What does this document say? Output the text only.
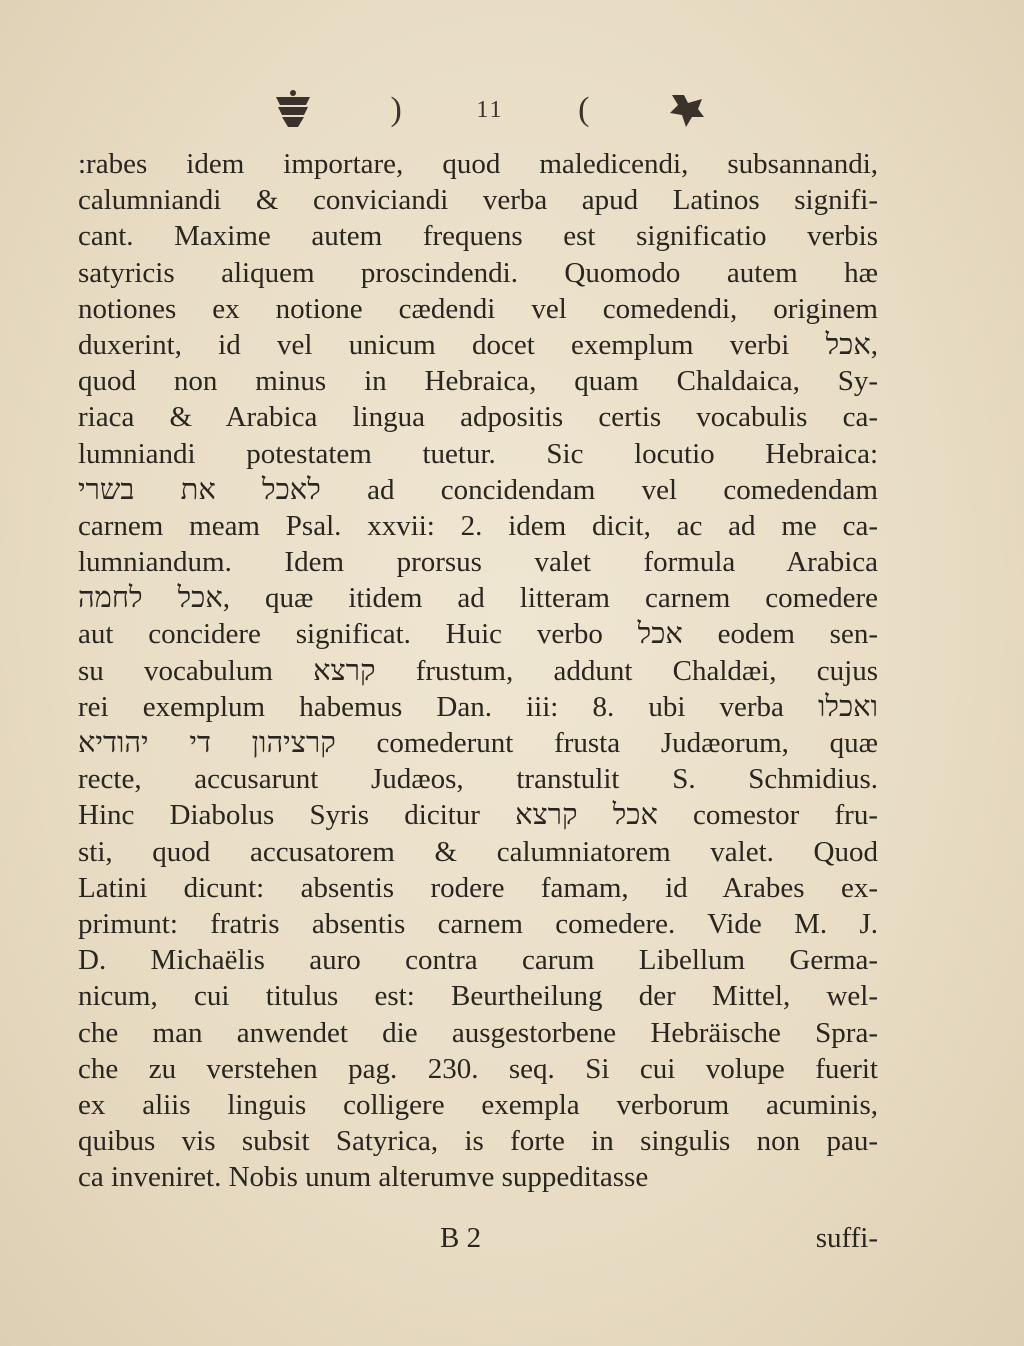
)	11 (
:rabes idem importare, quod maledicendi, subsannandi,
calumniandi & conviciandi verba apud Latinos signifi-
cant. Maxime autem frequens est significatio verbis
satyricis aliquem proscindendi. Quomodo autem hæ
notiones ex notione cædendi vel comedendi, originem
duxerint, id vel unicum docet exemplum verbi אכל,
quod non minus in Hebraica, quam Chaldaica, Sy-
riaca & Arabica lingua adpositis certis vocabulis ca-
lumniandi potestatem tuetur. Sic locutio Hebraica:
לאכל את בשרי ad concidendam vel comedendam
carnem meam Psal. xxvii: 2. idem dicit, ac ad me ca-
lumniandum. Idem prorsus valet formula Arabica
אכל לחמה, quæ itidem ad litteram carnem comedere
aut concidere significat. Huic verbo אכל eodem sen-
su vocabulum קרצא frustum, addunt Chaldæi, cujus
rei exemplum habemus Dan. iii: 8. ubi verba ואכלו
קרציהון די יהודיא comederunt frusta Judæorum, quæ
recte, accusarunt Judæos, transtulit S. Schmidius.
Hinc Diabolus Syris dicitur אכל קרצא comestor fru-
sti, quod accusatorem & calumniatorem valet. Quod
Latini dicunt: absentis rodere famam, id Arabes ex-
primunt: fratris absentis carnem comedere. Vide M. J.
D. Michaëlis auro contra carum Libellum Germa-
nicum, cui titulus est: Beurtheilung der Mittel, wel-
che man anwendet die ausgestorbene Hebräische Spra-
che zu verstehen pag. 230. seq. Si cui volupe fuerit
ex aliis linguis colligere exempla verborum acuminis,
quibus vis subsit Satyrica, is forte in singulis non pau-
ca inveniret. Nobis unum alterumve suppeditasse
B 2	suffi-
